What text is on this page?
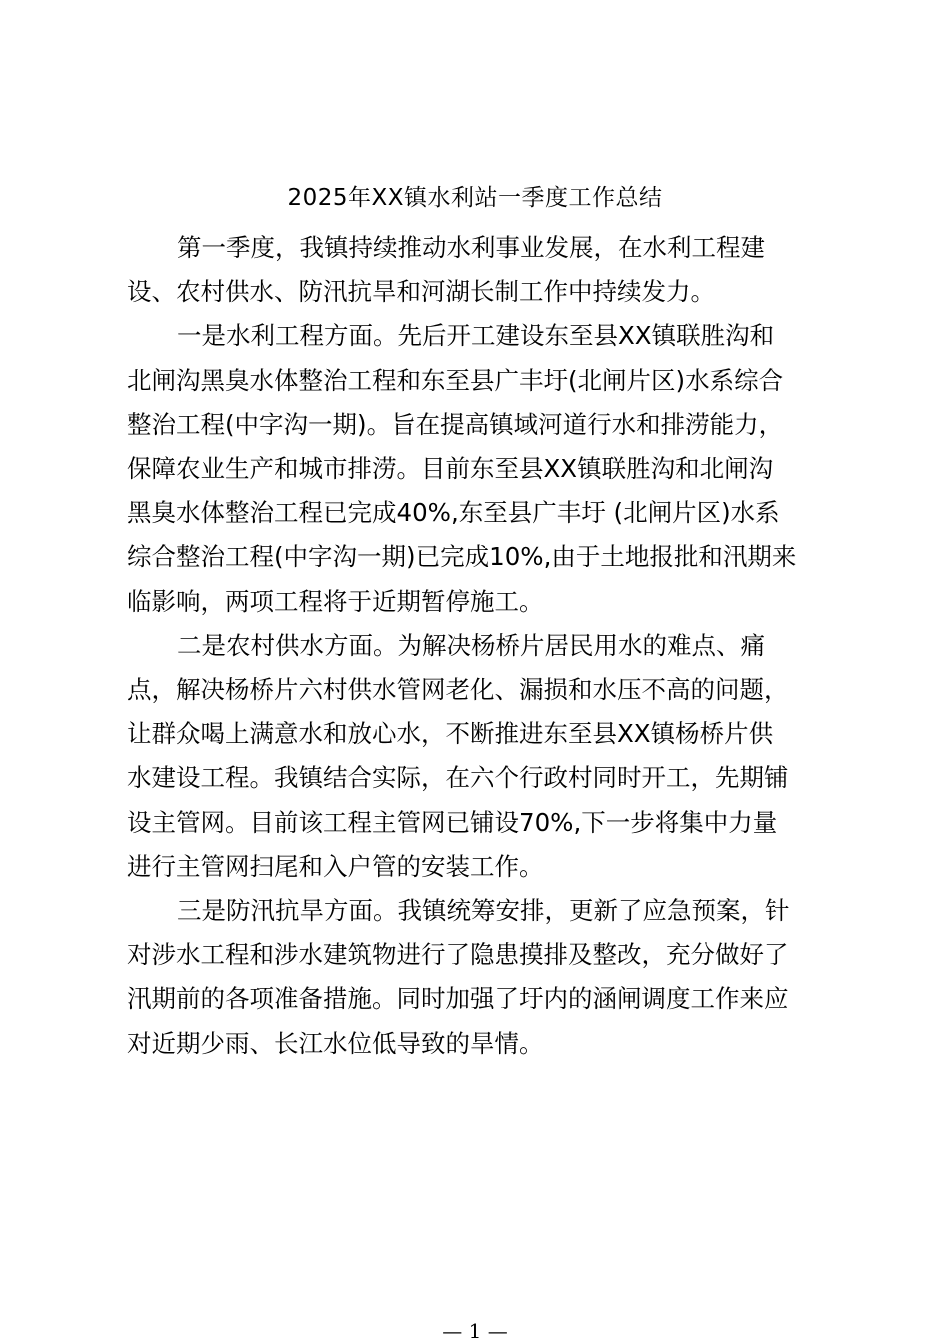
2025年XX镇水利站一季度工作总结

第一季度，我镇持续推动水利事业发展，在水利工程建
设、农村供水、防汛抗旱和河湖长制工作中持续发力。

一是水利工程方面。先后开工建设东至县XX镇联胜沟和
北闸沟黑臭水体整治工程和东至县广丰圩(北闸片区)水系综合
整治工程(中字沟一期)。旨在提高镇域河道行水和排涝能力，
保障农业生产和城市排涝。目前东至县XX镇联胜沟和北闸沟
黑臭水体整治工程已完成40%,东至县广丰圩 (北闸片区)水系
综合整治工程(中字沟一期)已完成10%,由于土地报批和汛期来
临影响，两项工程将于近期暂停施工。

二是农村供水方面。为解决杨桥片居民用水的难点、痛
点，解决杨桥片六村供水管网老化、漏损和水压不高的问题，
让群众喝上满意水和放心水，不断推进东至县XX镇杨桥片供
水建设工程。我镇结合实际，在六个行政村同时开工，先期铺
设主管网。目前该工程主管网已铺设70%,下一步将集中力量
进行主管网扫尾和入户管的安装工作。

三是防汛抗旱方面。我镇统筹安排，更新了应急预案，针
对涉水工程和涉水建筑物进行了隐患摸排及整改，充分做好了
汛期前的各项准备措施。同时加强了圩内的涵闸调度工作来应
对近期少雨、长江水位低导致的旱情。

— 1 —
